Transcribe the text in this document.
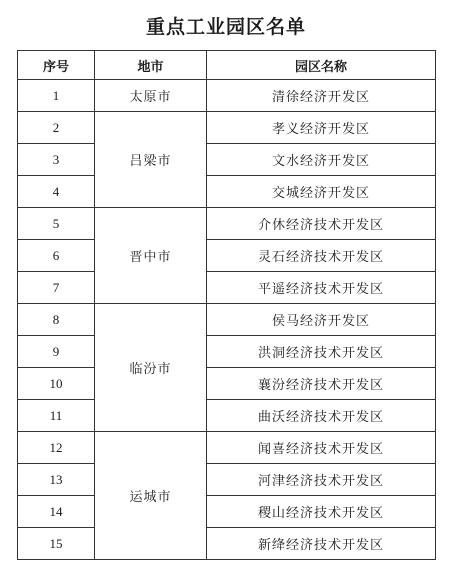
重点工业园区名单
序号	地市	园区名称
1	太原市	清徐经济开发区
2	吕梁市	孝义经济开发区
3		文水经济开发区
4		交城经济开发区
5	晋中市	介休经济技术开发区
6		灵石经济技术开发区
7		平遥经济技术开发区
8	临汾市	侯马经济开发区
9		洪洞经济技术开发区
10		襄汾经济技术开发区
11		曲沃经济技术开发区
12	运城市	闻喜经济技术开发区
13		河津经济技术开发区
14		稷山经济技术开发区
15		新绛经济技术开发区
